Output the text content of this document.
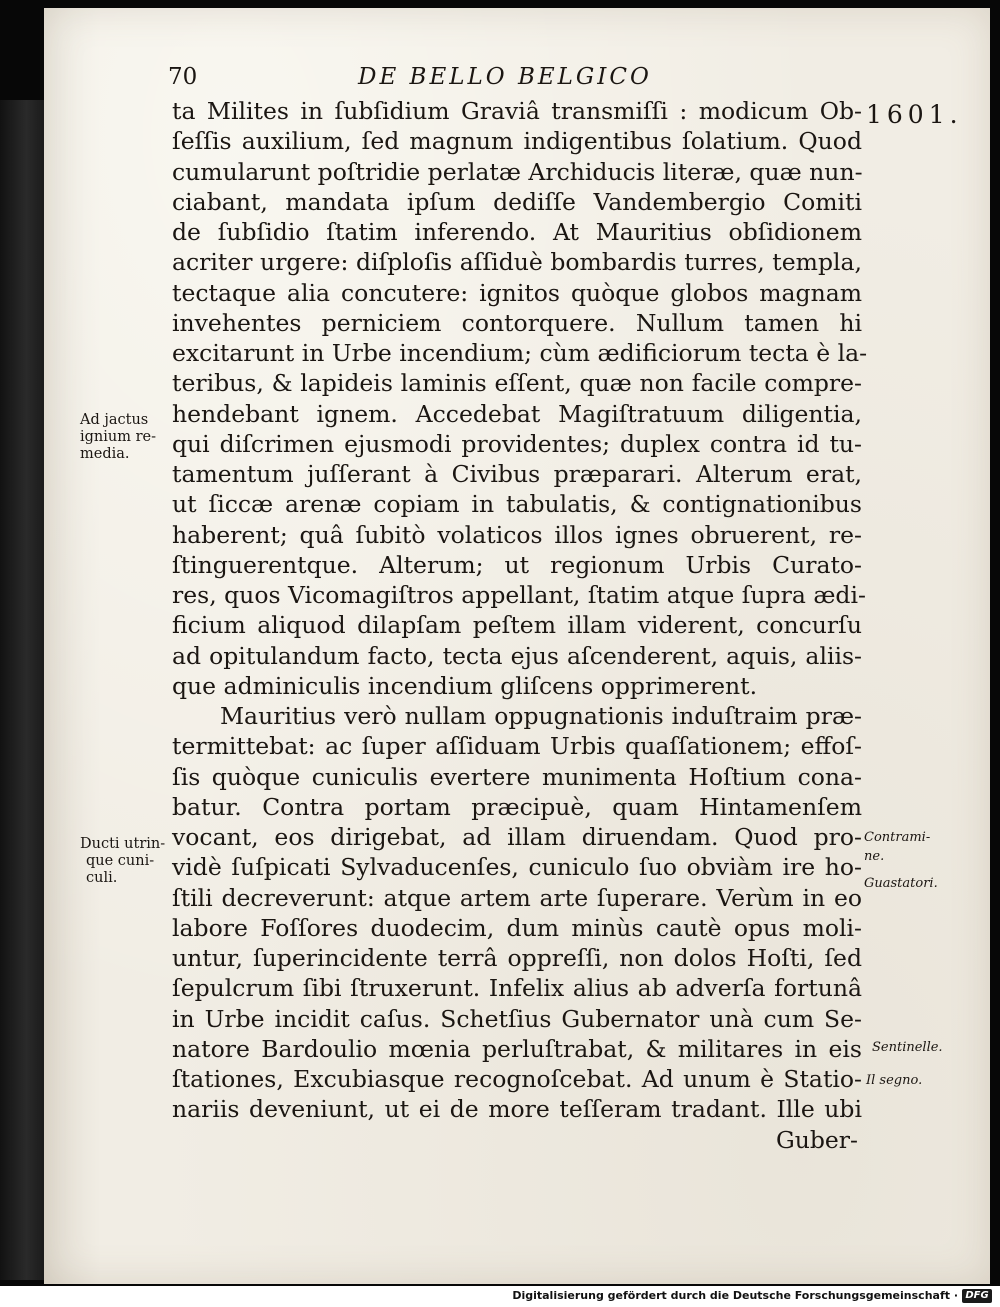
70	DE BELLO BELGICO
1601.
ta Milites in ſubſidium Graviâ transmiſſi : modicum Ob-
ſeſſis auxilium, ſed magnum indigentibus ſolatium. Quod
cumularunt poſtridie perlatæ Archiducis literæ, quæ nun-
ciabant, mandata ipſum dediſſe Vandembergio Comiti
de ſubſidio ſtatim inferendo. At Mauritius obſidionem
acriter urgere: diſploſis aſſiduè bombardis turres, templa,
tectaque alia concutere: ignitos quòque globos magnam
invehentes perniciem contorquere. Nullum tamen hi
excitarunt in Urbe incendium; cùm ædificiorum tecta è la-
teribus, & lapideis laminis eſſent, quæ non facile compre-
hendebant ignem. Accedebat Magiſtratuum diligentia,
qui diſcrimen ejusmodi providentes; duplex contra id tu-
tamentum juſſerant à Civibus præparari. Alterum erat,
ut ſiccæ arenæ copiam in tabulatis, & contignationibus
haberent; quâ ſubitò volaticos illos ignes obruerent, re-
ſtinguerentque. Alterum; ut regionum Urbis Curato-
res, quos Vicomagiſtros appellant, ſtatim atque ſupra ædi-
ficium aliquod dilapſam peſtem illam viderent, concurſu
ad opitulandum facto, tecta ejus aſcenderent, aquis, aliis-
que adminiculis incendium gliſcens opprimerent.
Mauritius verò nullam oppugnationis induſtraim præ-
termittebat: ac ſuper aſſiduam Urbis quaſſationem; effoſ-
ſis quòque cuniculis evertere munimenta Hoſtium cona-
batur. Contra portam præcipuè, quam Hintamenſem
vocant, eos dirigebat, ad illam diruendam. Quod pro-
vidè ſuſpicati Sylvaducenſes, cuniculo ſuo obviàm ire ho-
ſtili decreverunt: atque artem arte ſuperare. Verùm in eo
labore Foſſores duodecim, dum minùs cautè opus moli-
untur, ſuperincidente terrâ oppreſſi, non dolos Hoſti, ſed
ſepulcrum ſibi ſtruxerunt. Infelix alius ab adverſa fortunâ
in Urbe incidit caſus. Schetſius Gubernator unà cum Se-
natore Bardoulio mœnia perluſtrabat, & militares in eis
ſtationes, Excubiasque recognoſcebat. Ad unum è Statio-
nariis deveniunt, ut ei de more teſſeram tradant. Ille ubi
Guber-
Ad jactus
ignium re-
media.
Ducti utrin-
que cuni-
culi.
Contrami-
ne.
Guastatori.
Sentinelle.
Il segno.
Digitalisierung gefördert durch die Deutsche Forschungsgemeinschaft · DFG
